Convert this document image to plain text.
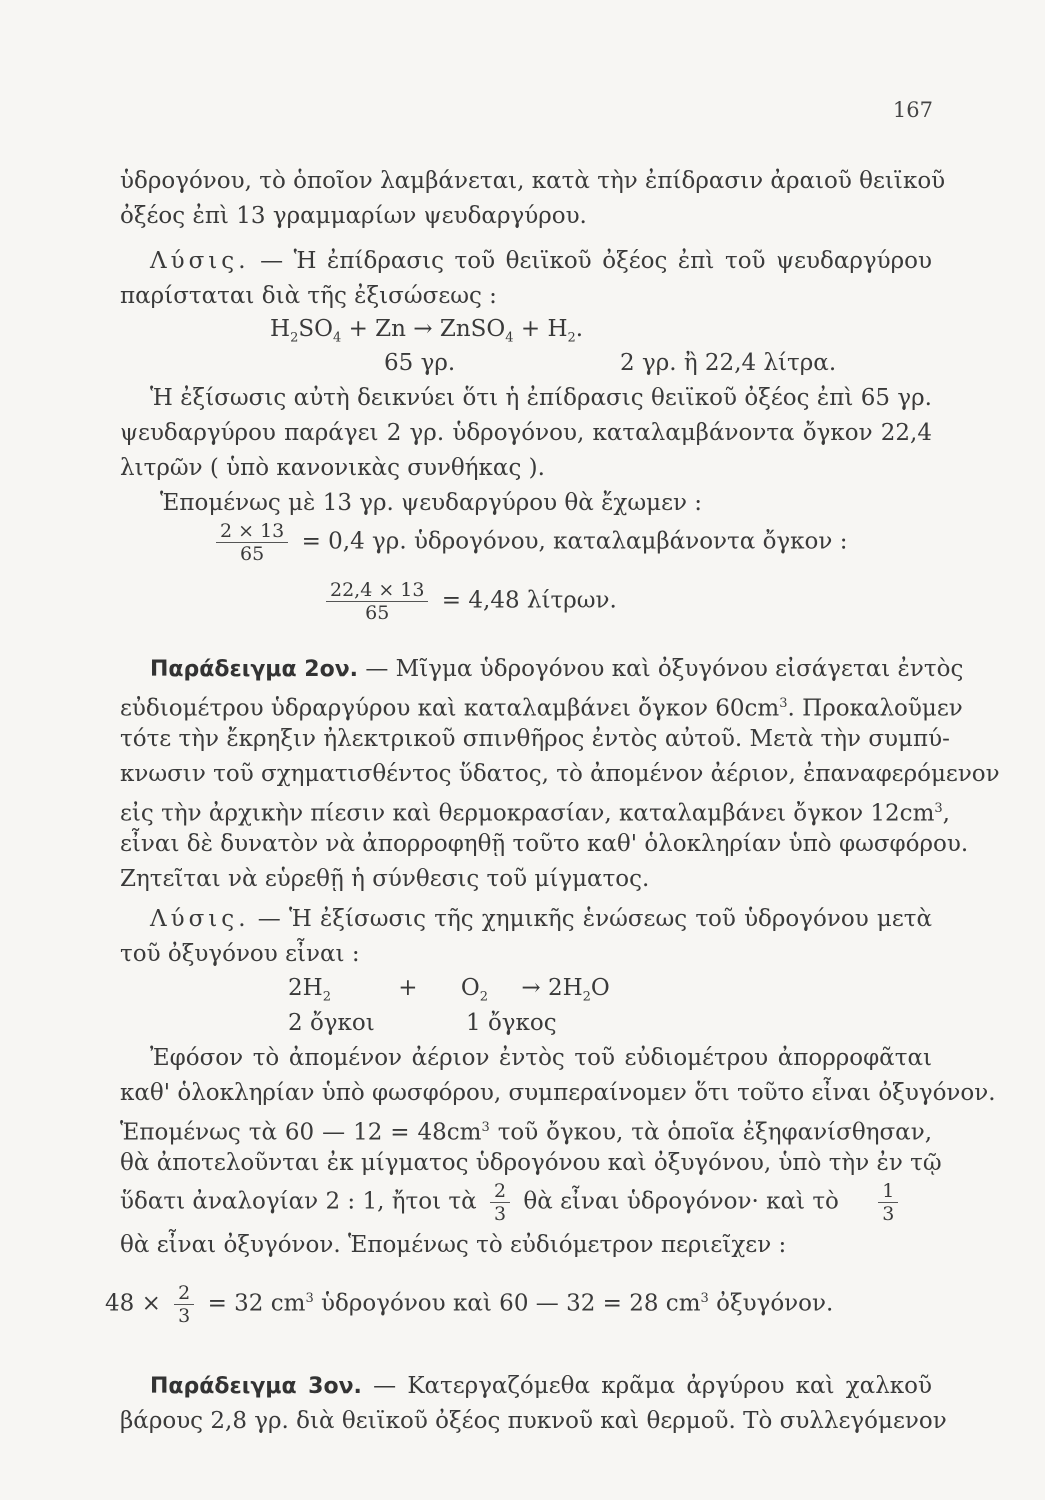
167
ὑδρογόνου, τὸ ὁποῖον λαμβάνεται, κατὰ τὴν ἐπίδρασιν ἀραιοῦ θειϊκοῦ
ὀξέος ἐπὶ 13 γραμμαρίων ψευδαργύρου.
Λύσις. — Ἡ ἐπίδρασις τοῦ θειϊκοῦ ὀξέος ἐπὶ τοῦ ψευδαργύρου
παρίσταται διὰ τῆς ἐξισώσεως :
$H_2SO_4 + Zn$ → ZnSO$_4$ + $H_2$.
65 γρ.	2 γρ. ἢ 22,4 λίτρα.
Ἡ ἐξίσωσις αὐτὴ δεικνύει ὅτι ἡ ἐπίδρασις θειϊκοῦ ὀξέος ἐπὶ 65 γρ.
ψευδαργύρου παράγει 2 γρ. ὑδρογόνου, καταλαμβάνοντα ὄγκον 22,4
λιτρῶν ( ὑπὸ κανονικὰς συνθήκας ).
Ἑπομένως μὲ 13 γρ. ψευδαργύρου θὰ ἔχωμεν :
$\frac{2 \times 13}{65} = 0,4$ γρ. ὑδρογόνου, καταλαμβάνοντα ὄγκον :
$\frac{22,4 \times 13}{65} = 4,48$ λίτρων.
Παράδειγμα 2ον. — Μῖγμα ὑδρογόνου καὶ ὀξυγόνου εἰσάγεται ἐντὸς
εὐδιομέτρου ὑδραργύρου καὶ καταλαμβάνει ὄγκον $60cm^3$. Προκαλοῦμεν
τότε τὴν ἔκρηξιν ἠλεκτρικοῦ σπινθῆρος ἐντὸς αὐτοῦ. Μετὰ τὴν συμπύ-
κνωσιν τοῦ σχηματισθέντος ὕδατος, τὸ ἀπομένον ἀέριον, ἐπαναφερόμενον
εἰς τὴν ἀρχικὴν πίεσιν καὶ θερμοκρασίαν, καταλαμβάνει ὄγκον $12cm^3$,
εἶναι δὲ δυνατὸν νὰ ἀπορροφηθῇ τοῦτο καθ' ὁλοκληρίαν ὑπὸ φωσφόρου.
Ζητεῖται νὰ εὑρεθῇ ἡ σύνθεσις τοῦ μίγματος.
Λύσις. — Ἡ ἐξίσωσις τῆς χημικῆς ἑνώσεως τοῦ ὑδρογόνου μετὰ
τοῦ ὀξυγόνου εἶναι :
$2H_2$	+ $O_2 \to 2H_2O$
2 ὄγκοι	1 ὄγκος
Ἐφόσον τὸ ἀπομένον ἀέριον ἐντὸς τοῦ εὐδιομέτρου ἀπορροφᾶται
καθ' ὁλοκληρίαν ὑπὸ φωσφόρου, συμπεραίνομεν ὅτι τοῦτο εἶναι ὀξυγόνον.
Ἑπομένως τὰ 60 — $12 = 48cm^3$ τοῦ ὄγκου, τὰ ὁποῖα ἐξηφανίσθησαν,
θὰ ἀποτελοῦνται ἐκ μίγματος ὑδρογόνου καὶ ὀξυγόνου, ὑπὸ τὴν ἐν τῷ
ὕδατι ἀναλογίαν 2 : 1, ἤτοι τὰ $\frac{2}{3}$ θὰ εἶναι ὑδρογόνον· καὶ τὸ $\frac{1}{3}$
θὰ εἶναι ὀξυγόνον. Ἑπομένως τὸ εὐδιόμετρον περιεῖχεν :
$48 \times \frac{2}{3} = 32$ $cm^3$ ὑδρογόνου καὶ 60 — 32 = 28 $cm^3$ ὀξυγόνον.
Παράδειγμα 3ον. — Κατεργαζόμεθα κρᾶμα ἀργύρου καὶ χαλκοῦ
βάρους 2,8 γρ. διὰ θειϊκοῦ ὀξέος πυκνοῦ καὶ θερμοῦ. Τὸ συλλεγόμενον
